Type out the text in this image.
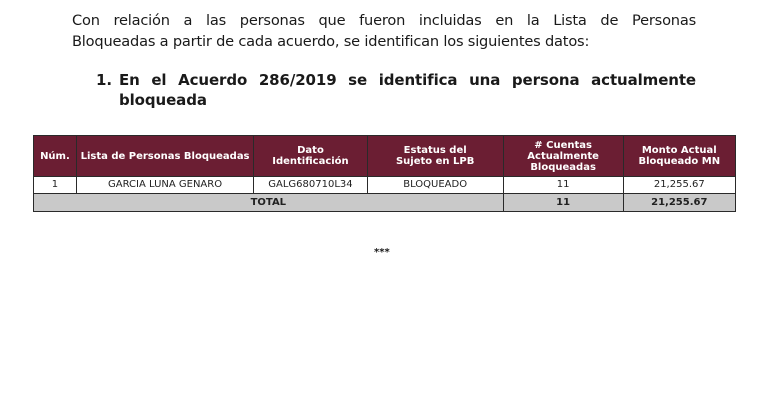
Con relación a las personas que fueron incluidas en la Lista de Personas
Bloqueadas a partir de cada acuerdo, se identifican los siguientes datos:
1. En el Acuerdo 286/2019 se identifica una persona actualmente
bloqueada
Núm.	Lista de Personas Bloqueadas	Dato Identificación	Estatus del Sujeto en LPB	# Cuentas Actualmente Bloqueadas	Monto Actual Bloqueado MN
1	GARCIA LUNA GENARO	GALG680710L34	BLOQUEADO	11	21,255.67
TOTAL				11	21,255.67
***
